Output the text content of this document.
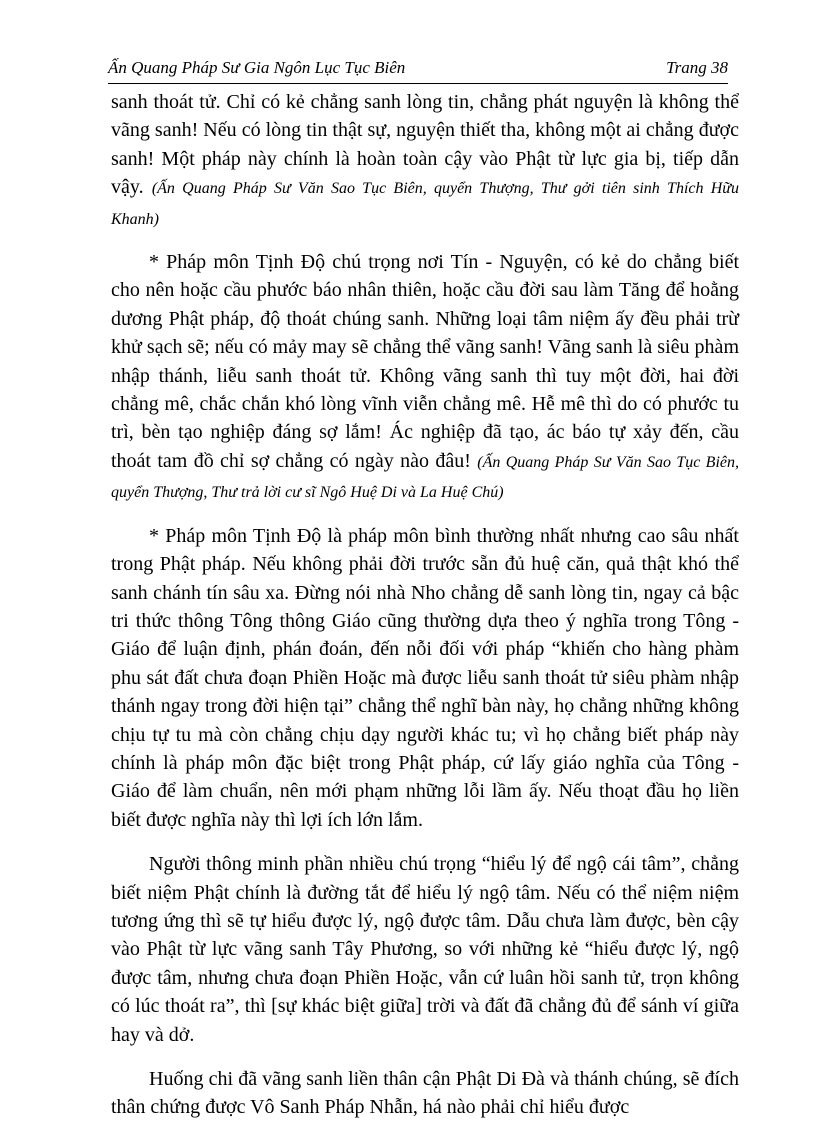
Ấn Quang Pháp Sư Gia Ngôn Lục Tục Biên	Trang 38

sanh thoát tử. Chỉ có kẻ chẳng sanh lòng tin, chẳng phát nguyện là không thể vãng sanh! Nếu có lòng tin thật sự, nguyện thiết tha, không một ai chẳng được sanh! Một pháp này chính là hoàn toàn cậy vào Phật từ lực gia bị, tiếp dẫn vậy. (Ấn Quang Pháp Sư Văn Sao Tục Biên, quyển Thượng, Thư gởi tiên sinh Thích Hữu Khanh)

* Pháp môn Tịnh Độ chú trọng nơi Tín - Nguyện, có kẻ do chẳng biết cho nên hoặc cầu phước báo nhân thiên, hoặc cầu đời sau làm Tăng để hoằng dương Phật pháp, độ thoát chúng sanh. Những loại tâm niệm ấy đều phải trừ khử sạch sẽ; nếu có mảy may sẽ chẳng thể vãng sanh! Vãng sanh là siêu phàm nhập thánh, liễu sanh thoát tử. Không vãng sanh thì tuy một đời, hai đời chẳng mê, chắc chắn khó lòng vĩnh viễn chẳng mê. Hễ mê thì do có phước tu trì, bèn tạo nghiệp đáng sợ lắm! Ác nghiệp đã tạo, ác báo tự xảy đến, cầu thoát tam đồ chỉ sợ chẳng có ngày nào đâu! (Ấn Quang Pháp Sư Văn Sao Tục Biên, quyển Thượng, Thư trả lời cư sĩ Ngô Huệ Di và La Huệ Chú)

* Pháp môn Tịnh Độ là pháp môn bình thường nhất nhưng cao sâu nhất trong Phật pháp. Nếu không phải đời trước sẵn đủ huệ căn, quả thật khó thể sanh chánh tín sâu xa. Đừng nói nhà Nho chẳng dễ sanh lòng tin, ngay cả bậc tri thức thông Tông thông Giáo cũng thường dựa theo ý nghĩa trong Tông - Giáo để luận định, phán đoán, đến nỗi đối với pháp “khiến cho hàng phàm phu sát đất chưa đoạn Phiền Hoặc mà được liễu sanh thoát tử siêu phàm nhập thánh ngay trong đời hiện tại” chẳng thể nghĩ bàn này, họ chẳng những không chịu tự tu mà còn chẳng chịu dạy người khác tu; vì họ chẳng biết pháp này chính là pháp môn đặc biệt trong Phật pháp, cứ lấy giáo nghĩa của Tông - Giáo để làm chuẩn, nên mới phạm những lỗi lầm ấy. Nếu thoạt đầu họ liền biết được nghĩa này thì lợi ích lớn lắm.

Người thông minh phần nhiều chú trọng “hiểu lý để ngộ cái tâm”, chẳng biết niệm Phật chính là đường tắt để hiểu lý ngộ tâm. Nếu có thể niệm niệm tương ứng thì sẽ tự hiểu được lý, ngộ được tâm. Dẫu chưa làm được, bèn cậy vào Phật từ lực vãng sanh Tây Phương, so với những kẻ “hiểu được lý, ngộ được tâm, nhưng chưa đoạn Phiền Hoặc, vẫn cứ luân hồi sanh tử, trọn không có lúc thoát ra”, thì [sự khác biệt giữa] trời và đất đã chẳng đủ để sánh ví giữa hay và dở.

Huống chi đã vãng sanh liền thân cận Phật Di Đà và thánh chúng, sẽ đích thân chứng được Vô Sanh Pháp Nhẫn, há nào phải chỉ hiểu được
